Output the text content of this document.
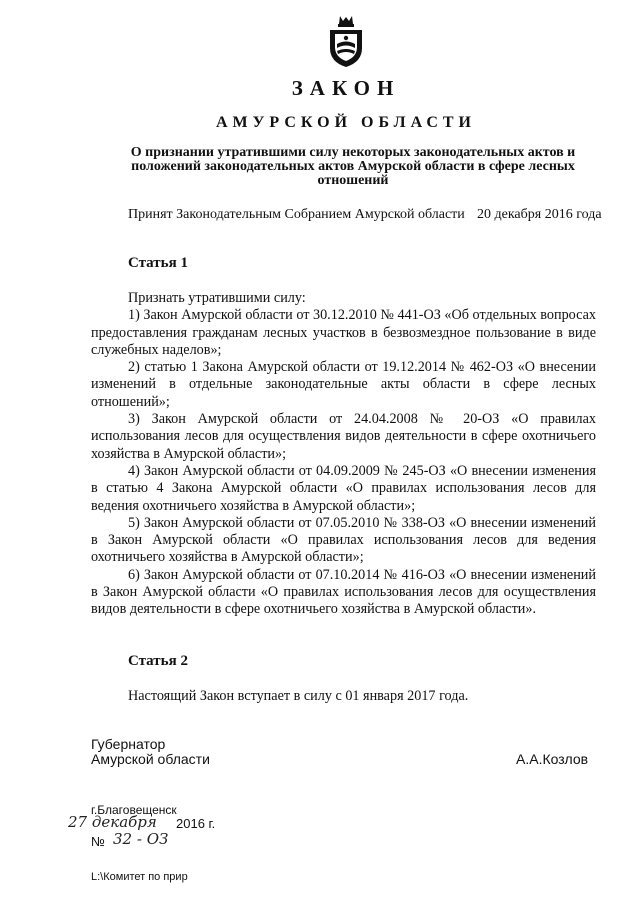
ЗАКОН
АМУРСКОЙ ОБЛАСТИ
О признании утратившими силу некоторых законодательных актов и положений законодательных актов Амурской области в сфере лесных отношений
Принят Законодательным Собранием Амурской области 20 декабря 2016 года
Статья 1

Признать утратившими силу:

1) Закон Амурской области от 30.12.2010 № 441-ОЗ «Об отдельных вопросах предоставления гражданам лесных участков в безвозмездное пользование в виде служебных наделов»;

2) статью 1 Закона Амурской области от 19.12.2014 № 462-ОЗ «О внесении изменений в отдельные законодательные акты области в сфере лесных отношений»;

3) Закон Амурской области от 24.04.2008 № 20-ОЗ «О правилах использования лесов для осуществления видов деятельности в сфере охотничьего хозяйства в Амурской области»;

4) Закон Амурской области от 04.09.2009 № 245-ОЗ «О внесении изменения в статью 4 Закона Амурской области «О правилах использования лесов для ведения охотничьего хозяйства в Амурской области»;

5) Закон Амурской области от 07.05.2010 № 338-ОЗ «О внесении изменений в Закон Амурской области «О правилах использования лесов для ведения охотничьего хозяйства в Амурской области»;

6) Закон Амурской области от 07.10.2014 № 416-ОЗ «О внесении изменений в Закон Амурской области «О правилах использования лесов для осуществления видов деятельности в сфере охотничьего хозяйства в Амурской области».

Статья 2

Настоящий Закон вступает в силу с 01 января 2017 года.

Губернатор
Амурской области	А.А.Козлов
г.Благовещенск
27 декабря 2016 г.
№ 32 - ОЗ
L:\Комитет по прир
